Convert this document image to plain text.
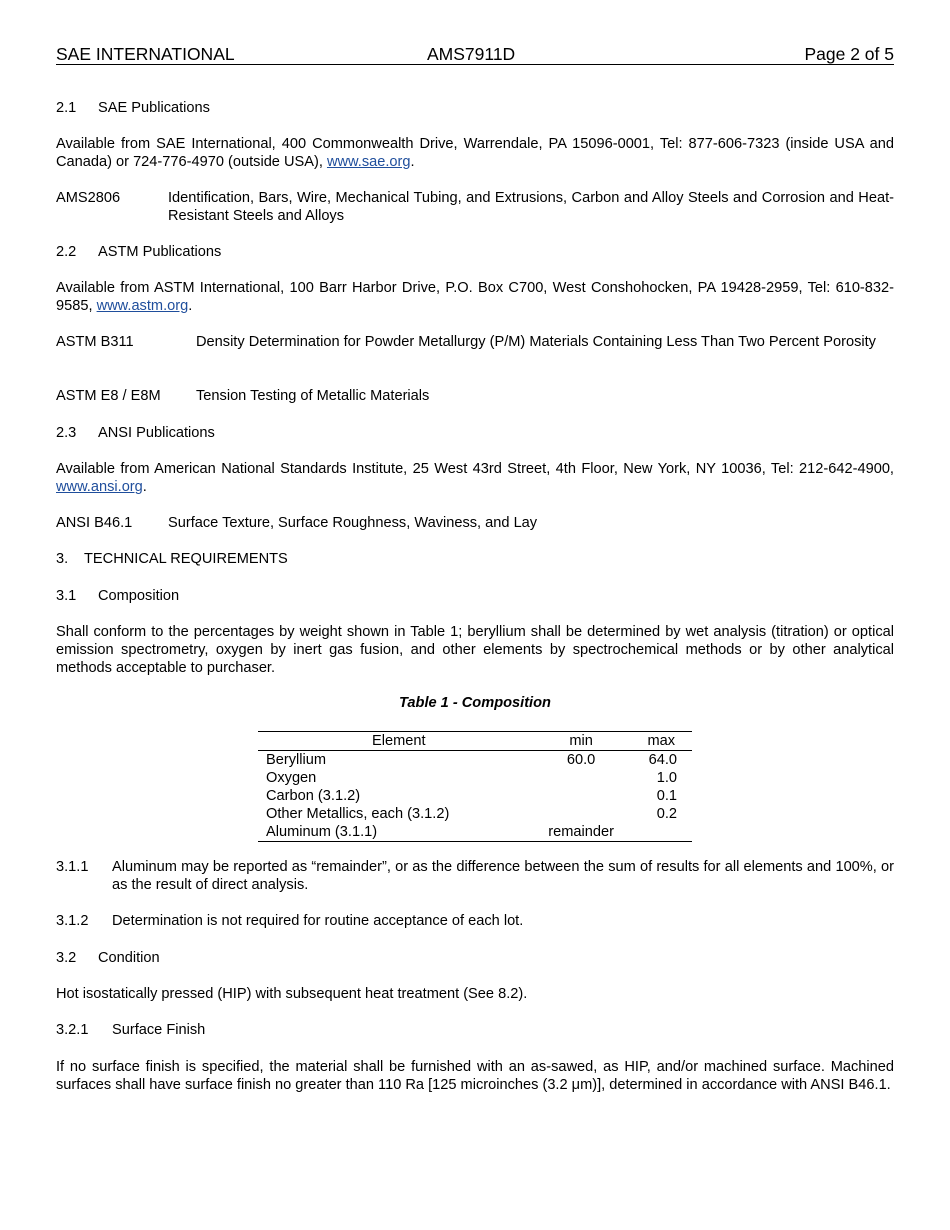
SAE INTERNATIONAL	AMS7911D	Page 2 of 5
2.1 SAE Publications
Available from SAE International, 400 Commonwealth Drive, Warrendale, PA 15096-0001, Tel: 877-606-7323 (inside USA and Canada) or 724-776-4970 (outside USA), www.sae.org.
AMS2806	Identification, Bars, Wire, Mechanical Tubing, and Extrusions, Carbon and Alloy Steels and Corrosion and Heat-Resistant Steels and Alloys
2.2 ASTM Publications
Available from ASTM International, 100 Barr Harbor Drive, P.O. Box C700, West Conshohocken, PA 19428-2959, Tel: 610-832-9585, www.astm.org.
ASTM B311	Density Determination for Powder Metallurgy (P/M) Materials Containing Less Than Two Percent Porosity
ASTM E8 / E8M Tension Testing of Metallic Materials
2.3 ANSI Publications
Available from American National Standards Institute, 25 West 43rd Street, 4th Floor, New York, NY 10036, Tel: 212-642-4900, www.ansi.org.
ANSI B46.1 Surface Texture, Surface Roughness, Waviness, and Lay
3. TECHNICAL REQUIREMENTS
3.1 Composition
Shall conform to the percentages by weight shown in Table 1; beryllium shall be determined by wet analysis (titration) or optical emission spectrometry, oxygen by inert gas fusion, and other elements by spectrochemical methods or by other analytical methods acceptable to purchaser.
Table 1 - Composition
Element	min	max
Beryllium	60.0	64.0
Oxygen		1.0
Carbon (3.1.2)		0.1
Other Metallics, each (3.1.2)		0.2
Aluminum (3.1.1)	remainder	
3.1.1 Aluminum may be reported as “remainder”, or as the difference between the sum of results for all elements and 100%, or as the result of direct analysis.
3.1.2 Determination is not required for routine acceptance of each lot.
3.2 Condition
Hot isostatically pressed (HIP) with subsequent heat treatment (See 8.2).
3.2.1 Surface Finish
If no surface finish is specified, the material shall be furnished with an as-sawed, as HIP, and/or machined surface. Machined surfaces shall have surface finish no greater than 110 Ra [125 microinches (3.2 μm)], determined in accordance with ANSI B46.1.
